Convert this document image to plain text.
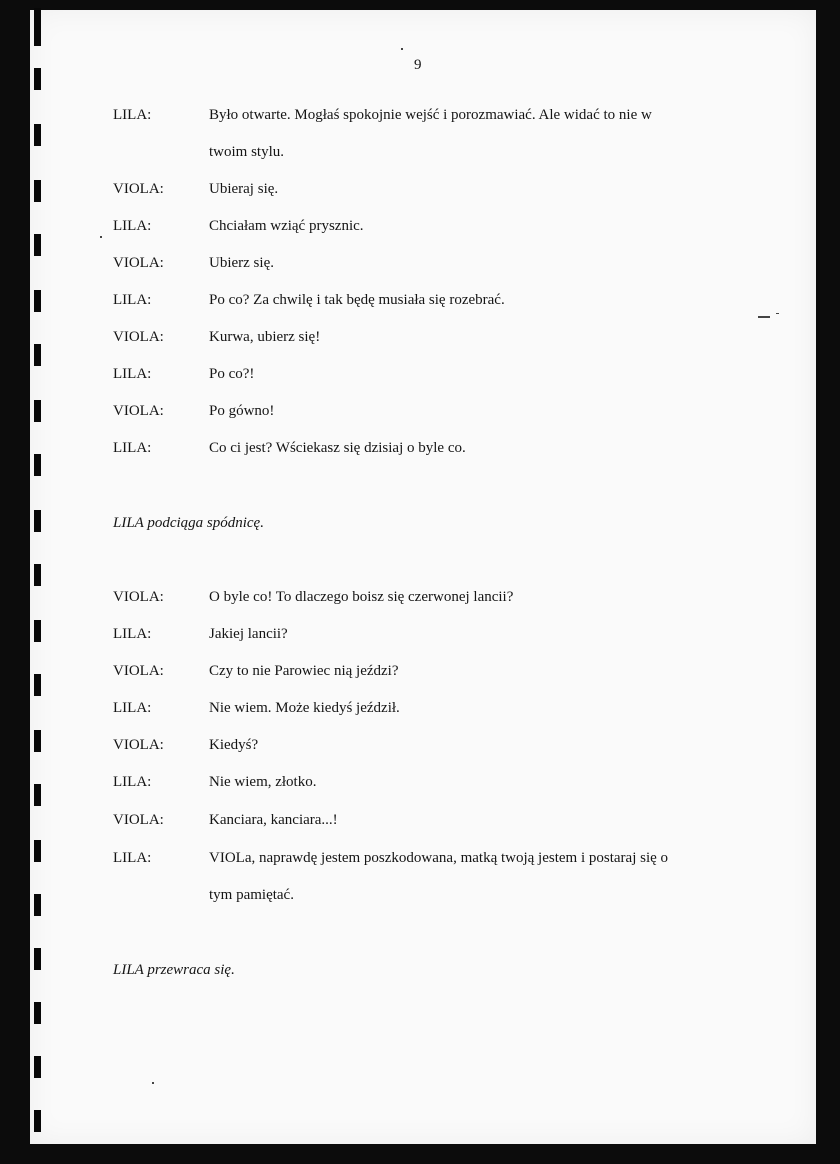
9
LILA:	Było otwarte. Mogłaś spokojnie wejść i porozmawiać. Ale widać to nie w
twoim stylu.
VIOLA:	Ubieraj się.
LILA:	Chciałam wziąć prysznic.
VIOLA:	Ubierz się.
LILA:	Po co? Za chwilę i tak będę musiała się rozebrać.
VIOLA:	Kurwa, ubierz się!
LILA:	Po co?!
VIOLA:	Po gówno!
LILA:	Co ci jest? Wściekasz się dzisiaj o byle co.
LILA podciąga spódnicę.
VIOLA:	O byle co! To dlaczego boisz się czerwonej lancii?
LILA:	Jakiej lancii?
VIOLA:	Czy to nie Parowiec nią jeździ?
LILA:	Nie wiem. Może kiedyś jeździł.
VIOLA:	Kiedyś?
LILA:	Nie wiem, złotko.
VIOLA:	Kanciara, kanciara...!
LILA:	VIOLa, naprawdę jestem poszkodowana, matką twoją jestem i postaraj się o
tym pamiętać.
LILA przewraca się.
